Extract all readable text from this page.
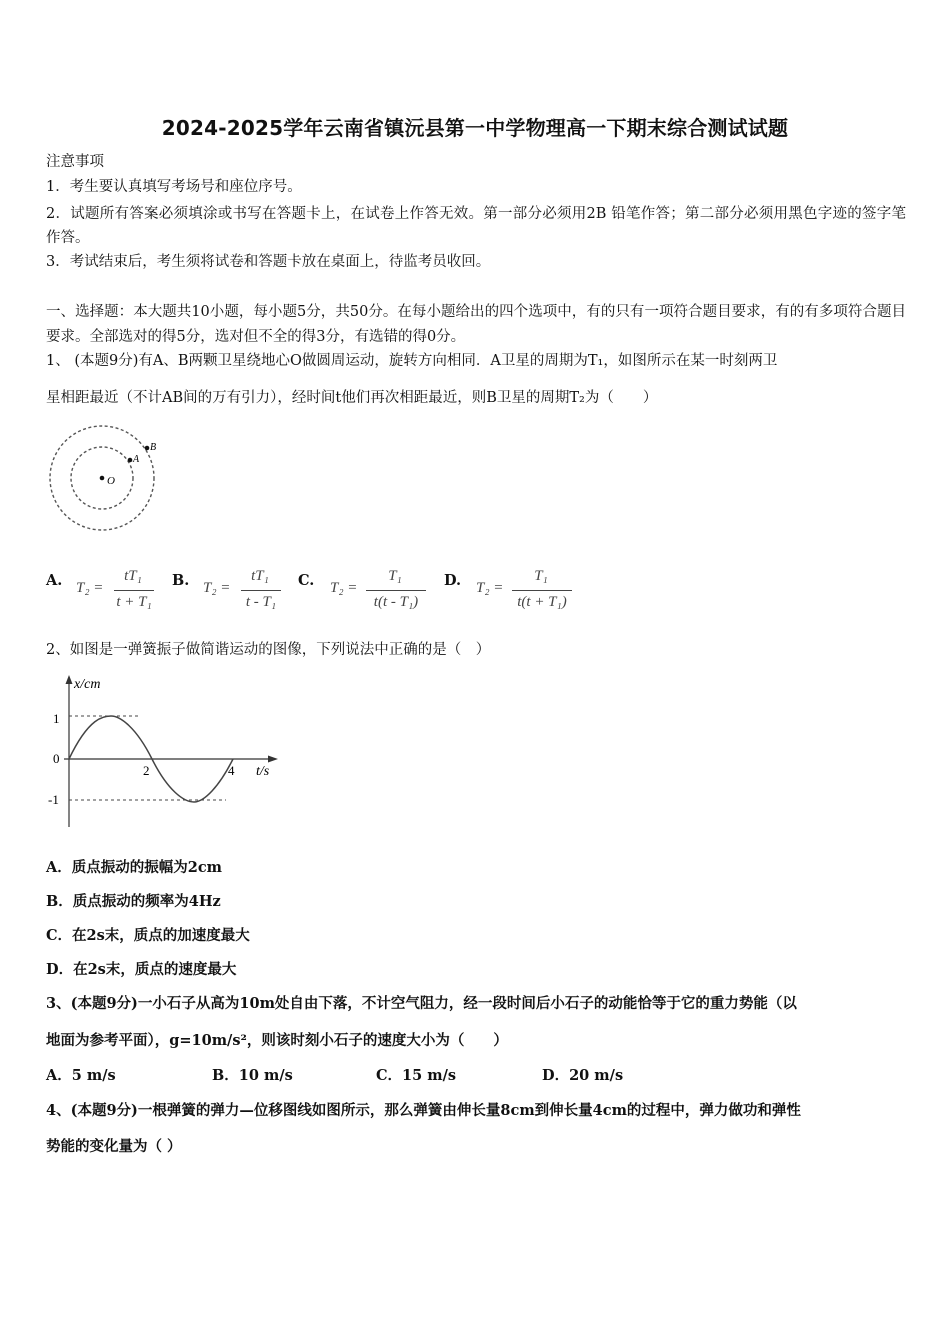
2024-2025学年云南省镇沅县第一中学物理高一下期末综合测试试题
注意事项
1．考生要认真填写考场号和座位序号。
2．试题所有答案必须填涂或书写在答题卡上，在试卷上作答无效。第一部分必须用2B 铅笔作答；第二部分必须用黑色字迹的签字笔作答。
3．考试结束后，考生须将试卷和答题卡放在桌面上，待监考员收回。
一、选择题：本大题共10小题，每小题5分，共50分。在每小题给出的四个选项中，有的只有一项符合题目要求，有的有多项符合题目要求。全部选对的得5分，选对但不全的得3分，有选错的得0分。
1、 (本题9分)有A、B两颗卫星绕地心O做圆周运动，旋转方向相同．A卫星的周期为T₁，如图所示在某一时刻两卫
星相距最近（不计AB间的万有引力），经时间t他们再次相距最近，则B卫星的周期T₂为（　　）
O
A
B
A. T₂ =
tT₁
t + T₁
B. T₂ =
tT₁
t - T₁
C. T₂ =
T₁
t(t - T₁)
D. T₂ =
T₁
t(t + T₁)
2、如图是一弹簧振子做简谐运动的图像，下列说法中正确的是（　）
x/cm
t/s
1
0
-1
2	4
A．质点振动的振幅为2cm
B．质点振动的频率为4Hz
C．在2s末，质点的加速度最大
D．在2s末，质点的速度最大
3、(本题9分)一小石子从高为10m处自由下落，不计空气阻力，经一段时间后小石子的动能恰等于它的重力势能（以
地面为参考平面），g=10m/s²，则该时刻小石子的速度大小为（　　）
A．5 m/s	B．10 m/s	C．15 m/s	D．20 m/s
4、(本题9分)一根弹簧的弹力—位移图线如图所示，那么弹簧由伸长量8cm到伸长量4cm的过程中，弹力做功和弹性
势能的变化量为（ ）
